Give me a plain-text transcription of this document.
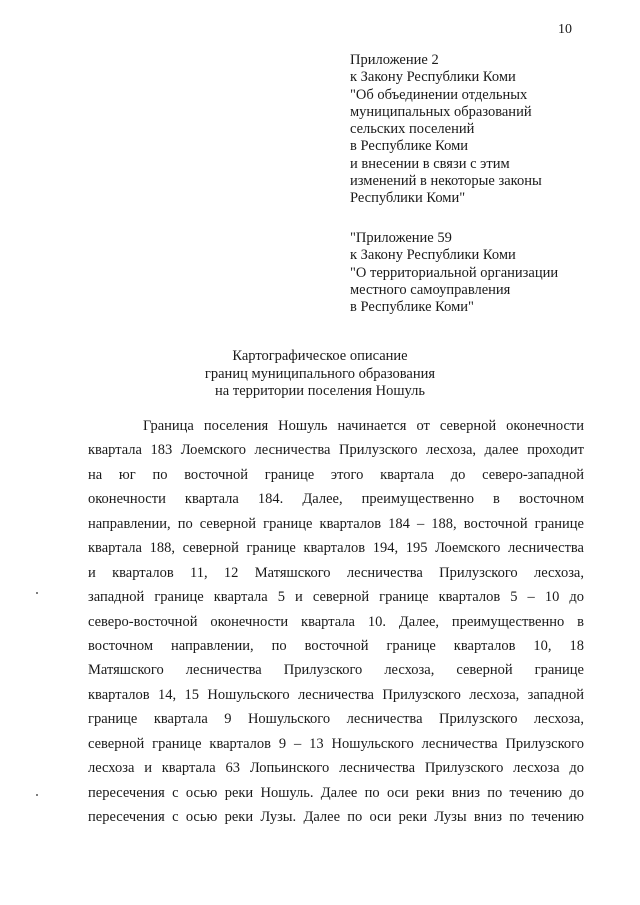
10
Приложение 2
к Закону Республики Коми
"Об объединении отдельных
муниципальных образований
сельских поселений
в Республике Коми
и внесении в связи с этим
изменений в некоторые законы
Республики Коми"
"Приложение 59
к Закону Республики Коми
"О территориальной организации
местного самоуправления
в Республике Коми"
Картографическое описание
границ муниципального образования
на территории поселения Ношуль
Граница поселения Ношуль начинается от северной оконечности
квартала 183 Лоемского лесничества Прилузского лесхоза, далее проходит
на юг по восточной границе этого квартала до северо-западной
оконечности квартала 184. Далее, преимущественно в восточном
направлении, по северной границе кварталов 184 – 188, восточной границе
квартала 188, северной границе кварталов 194, 195 Лоемского лесничества
и кварталов 11, 12 Матяшского лесничества Прилузского лесхоза,
западной границе квартала 5 и северной границе кварталов 5 – 10 до
северо-восточной оконечности квартала 10. Далее, преимущественно в
восточном направлении, по восточной границе кварталов 10, 18
Матяшского лесничества Прилузского лесхоза, северной границе
кварталов 14, 15 Ношульского лесничества Прилузского лесхоза, западной
границе квартала 9 Ношульского лесничества Прилузского лесхоза,
северной границе кварталов 9 – 13 Ношульского лесничества Прилузского
лесхоза и квартала 63 Лопьинского лесничества Прилузского лесхоза до
пересечения с осью реки Ношуль. Далее по оси реки вниз по течению до
пересечения с осью реки Лузы. Далее по оси реки Лузы вниз по течению
